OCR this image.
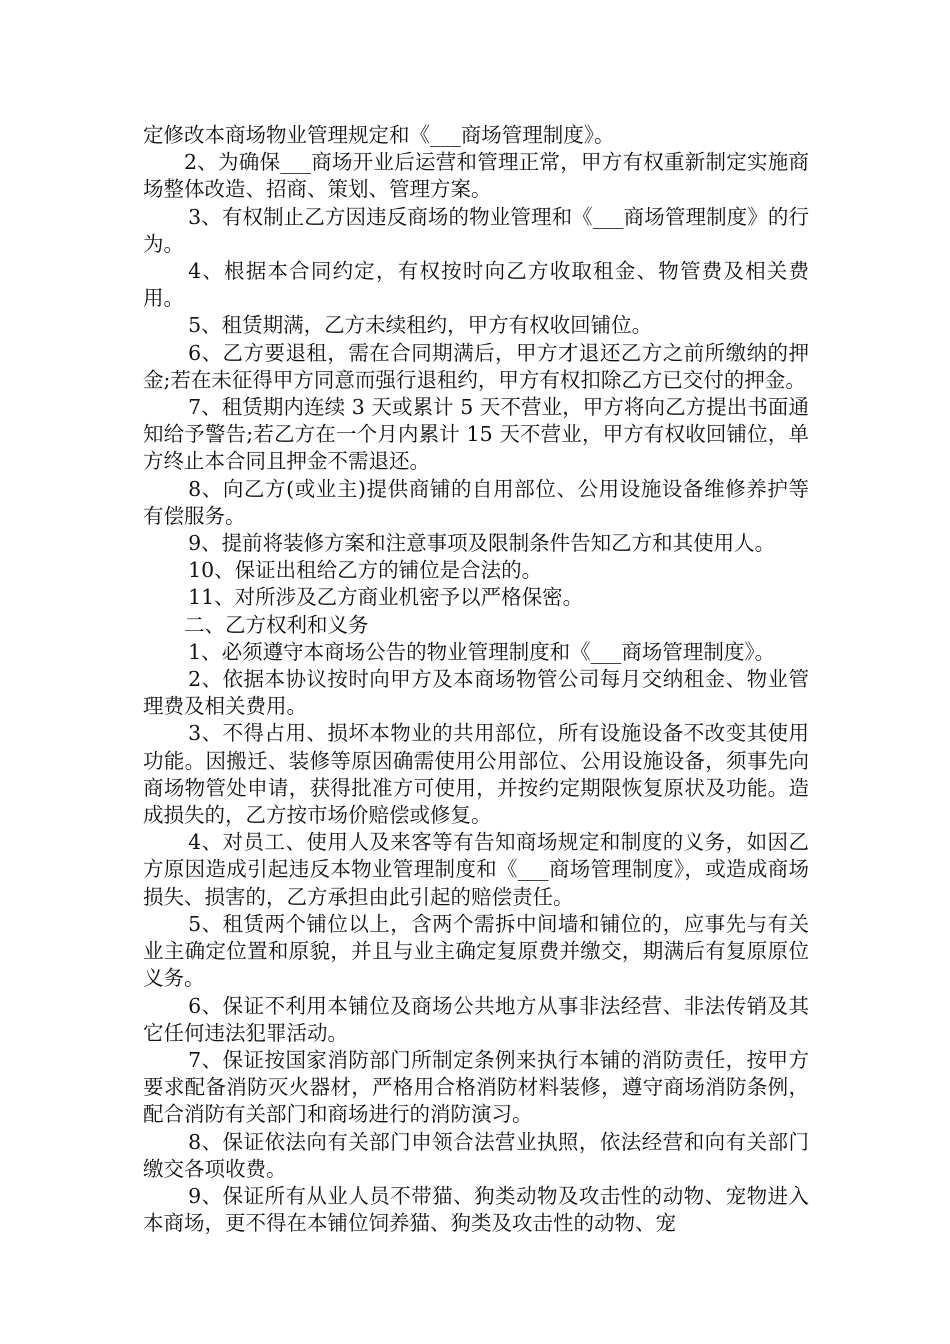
定修改本商场物业管理规定和《___商场管理制度》。

2、为确保___商场开业后运营和管理正常，甲方有权重新制定实施商场整体改造、招商、策划、管理方案。

3、有权制止乙方因违反商场的物业管理和《___商场管理制度》的行为。

4、根据本合同约定，有权按时向乙方收取租金、物管费及相关费用。

5、租赁期满，乙方未续租约，甲方有权收回铺位。

6、乙方要退租，需在合同期满后，甲方才退还乙方之前所缴纳的押金;若在未征得甲方同意而强行退租约，甲方有权扣除乙方已交付的押金。

7、租赁期内连续 3 天或累计 5 天不营业，甲方将向乙方提出书面通知给予警告;若乙方在一个月内累计 15 天不营业，甲方有权收回铺位，单方终止本合同且押金不需退还。

8、向乙方(或业主)提供商铺的自用部位、公用设施设备维修养护等有偿服务。

9、提前将装修方案和注意事项及限制条件告知乙方和其使用人。

10、保证出租给乙方的铺位是合法的。

11、对所涉及乙方商业机密予以严格保密。

二、乙方权利和义务

1、必须遵守本商场公告的物业管理制度和《___商场管理制度》。

2、依据本协议按时向甲方及本商场物管公司每月交纳租金、物业管理费及相关费用。

3、不得占用、损坏本物业的共用部位，所有设施设备不改变其使用功能。因搬迁、装修等原因确需使用公用部位、公用设施设备，须事先向商场物管处申请，获得批准方可使用，并按约定期限恢复原状及功能。造成损失的，乙方按市场价赔偿或修复。

4、对员工、使用人及来客等有告知商场规定和制度的义务，如因乙方原因造成引起违反本物业管理制度和《___商场管理制度》，或造成商场损失、损害的，乙方承担由此引起的赔偿责任。

5、租赁两个铺位以上，含两个需拆中间墙和铺位的，应事先与有关业主确定位置和原貌，并且与业主确定复原费并缴交，期满后有复原原位义务。

6、保证不利用本铺位及商场公共地方从事非法经营、非法传销及其它任何违法犯罪活动。

7、保证按国家消防部门所制定条例来执行本铺的消防责任，按甲方要求配备消防灭火器材，严格用合格消防材料装修，遵守商场消防条例，配合消防有关部门和商场进行的消防演习。

8、保证依法向有关部门申领合法营业执照，依法经营和向有关部门缴交各项收费。

9、保证所有从业人员不带猫、狗类动物及攻击性的动物、宠物进入本商场，更不得在本铺位饲养猫、狗类及攻击性的动物、宠
